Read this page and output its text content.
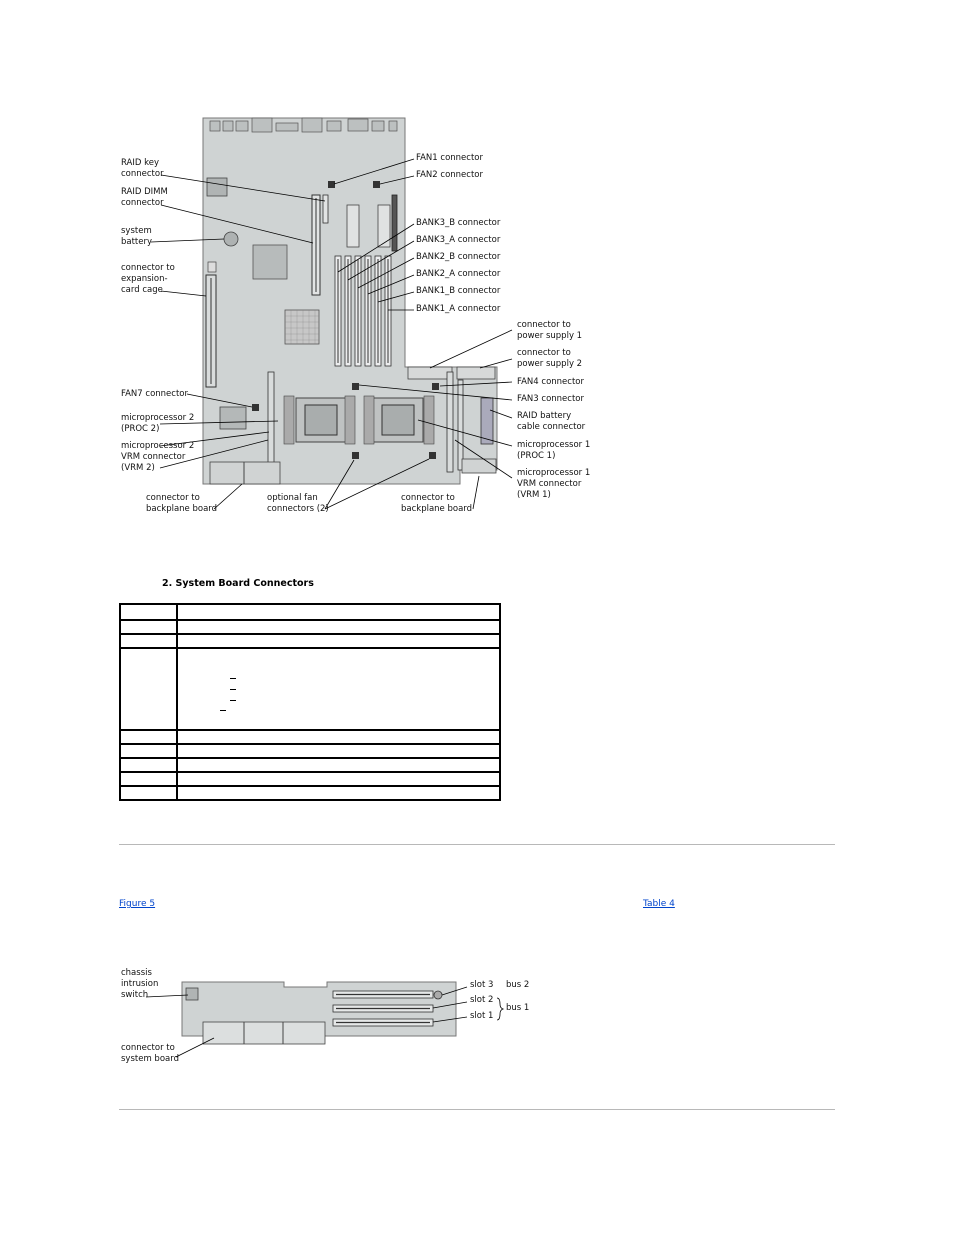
RAID key
connector
RAID DIMM
connector
system
battery
connector to
expansion-
card cage
FAN7 connector
microprocessor 2
(PROC 2)
microprocessor 2
VRM connector
(VRM 2)
connector to
backplane board
optional fan
connectors (2)
connector to
backplane board
FAN1 connector
FAN2 connector
BANK3_B connector
BANK3_A connector
BANK2_B connector
BANK2_A connector
BANK1_B connector
BANK1_A connector
connector to
power supply 1
connector to
power supply 2
FAN4 connector
FAN3 connector
RAID battery
cable connector
microprocessor 1
(PROC 1)
microprocessor 1
VRM connector
(VRM 1)
2. System Board Connectors

Figure 5	Table 4
chassis
intrusion
switch
connector to
system board
slot 3
slot 2
slot 1
bus 2
bus 1
